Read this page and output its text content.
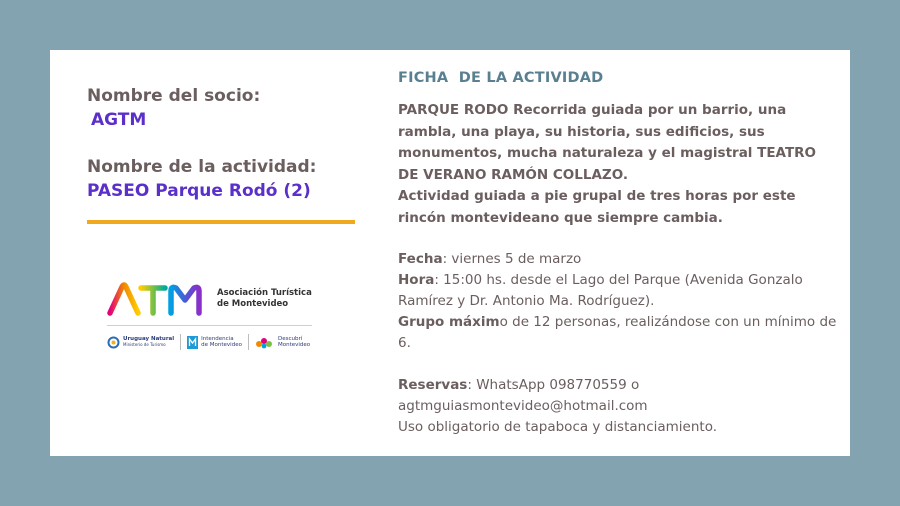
Nombre del socio:
AGTM
Nombre de la actividad:
PASEO Parque Rodó (2)
Asociación Turística
de Montevideo
Uruguay Natural
Ministerio de Turismo
Intendencia
de Montevideo
Descubrí
Montevideo
FICHA  DE LA ACTIVIDAD

PARQUE RODO Recorrida guiada por un barrio, una rambla, una playa, su historia, sus edificios, sus monumentos, mucha naturaleza y el magistral TEATRO DE VERANO RAMÓN COLLAZO.

Actividad guiada a pie grupal de tres horas por este rincón montevideano que siempre cambia.

Fecha: viernes 5 de marzo

Hora: 15:00 hs. desde el Lago del Parque (Avenida Gonzalo Ramírez y Dr. Antonio Ma. Rodríguez).

Grupo máximo de 12 personas, realizándose con un mínimo de 6.

Reservas: WhatsApp 098770559 o agtmguiasmontevideo@hotmail.com

Uso obligatorio de tapaboca y distanciamiento.
